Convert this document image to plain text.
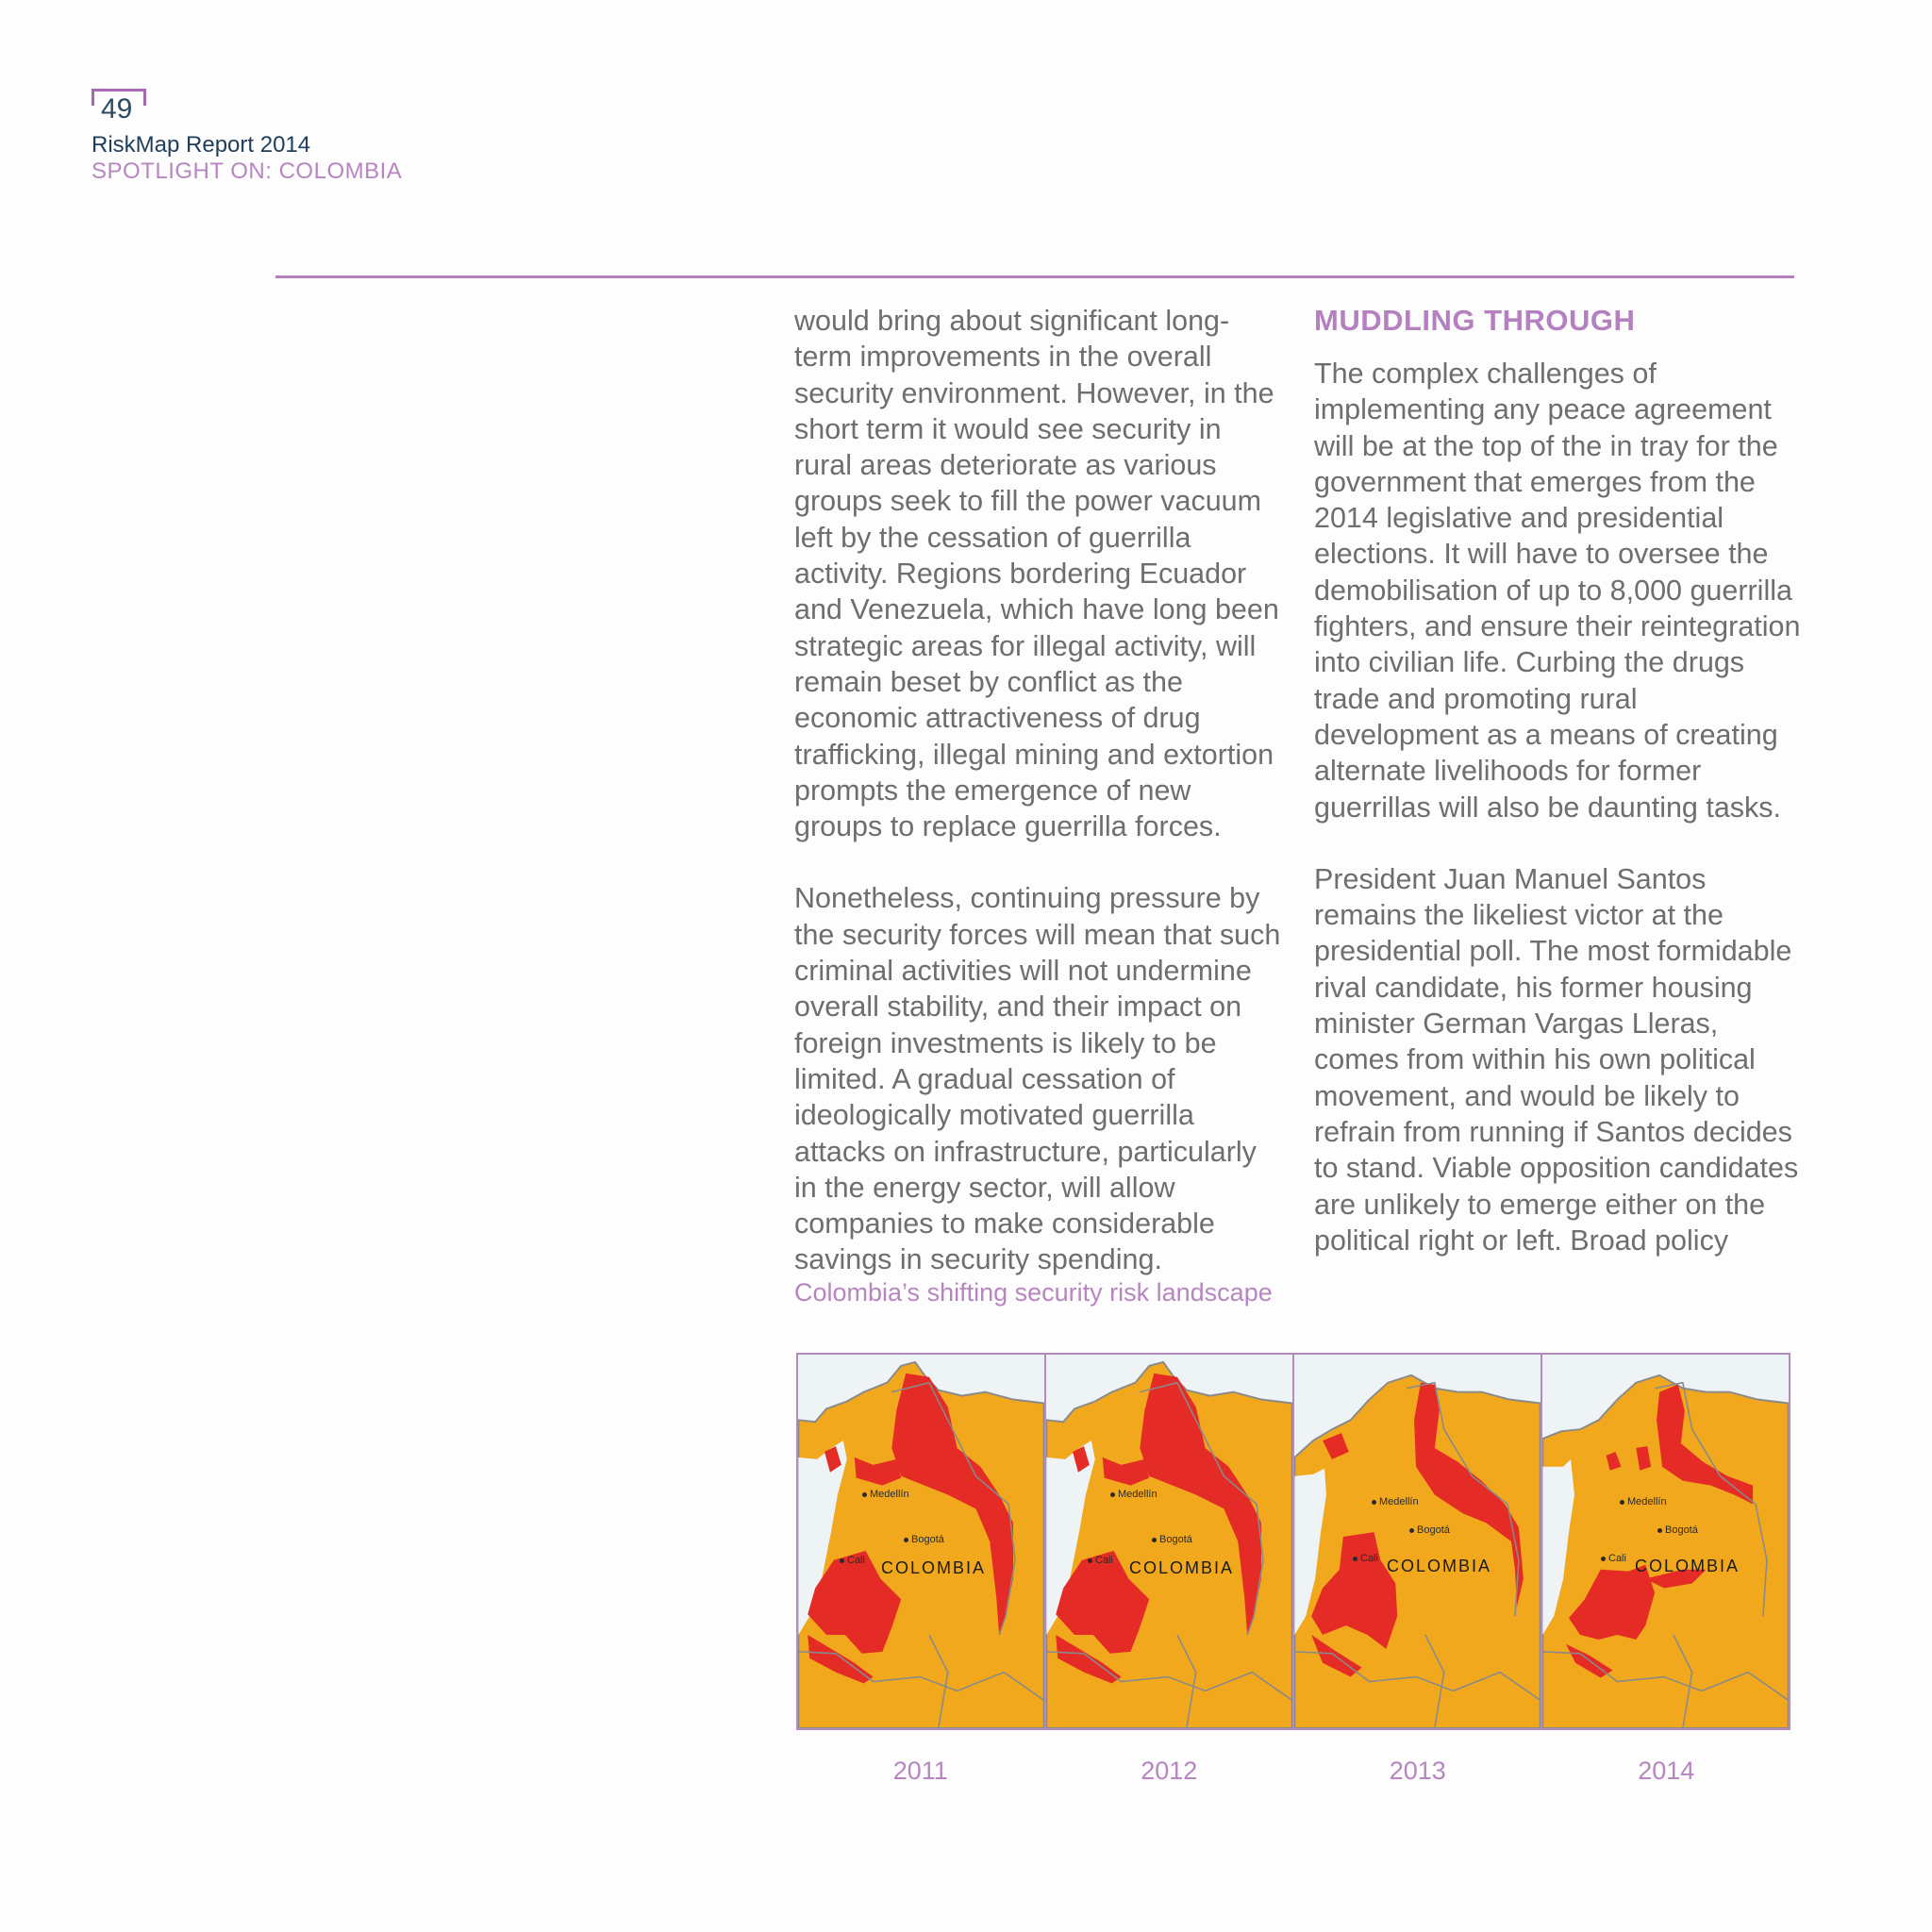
49
RiskMap Report 2014
SPOTLIGHT ON: COLOMBIA

would bring about significant long-term improvements in the overall security environment. However, in the short term it would see security in rural areas deteriorate as various groups seek to fill the power vacuum left by the cessation of guerrilla activity. Regions bordering Ecuador and Venezuela, which have long been strategic areas for illegal activity, will remain beset by conflict as the economic attractiveness of drug trafficking, illegal mining and extortion prompts the emergence of new groups to replace guerrilla forces.

Nonetheless, continuing pressure by the security forces will mean that such criminal activities will not undermine overall stability, and their impact on foreign investments is likely to be limited. A gradual cessation of ideologically motivated guerrilla attacks on infrastructure, particularly in the energy sector, will allow companies to make considerable savings in security spending.

MUDDLING THROUGH

The complex challenges of implementing any peace agreement will be at the top of the in tray for the government that emerges from the 2014 legislative and presidential elections. It will have to oversee the demobilisation of up to 8,000 guerrilla fighters, and ensure their reintegration into civilian life. Curbing the drugs trade and promoting rural development as a means of creating alternate livelihoods for former guerrillas will also be daunting tasks.

President Juan Manuel Santos remains the likeliest victor at the presidential poll. The most formidable rival candidate, his former housing minister German Vargas Lleras, comes from within his own political movement, and would be likely to refrain from running if Santos decides to stand. Viable opposition candidates are unlikely to emerge either on the political right or left. Broad policy

Colombia’s shifting security risk landscape
Medellín
Bogotá
Cali COLOMBIA
Medellín
Bogotá
Cali COLOMBIA
Medellín
Bogotá
Cali COLOMBIA
Medellín
Bogotá
Cali COLOMBIA
2011	2012	2013	2014
